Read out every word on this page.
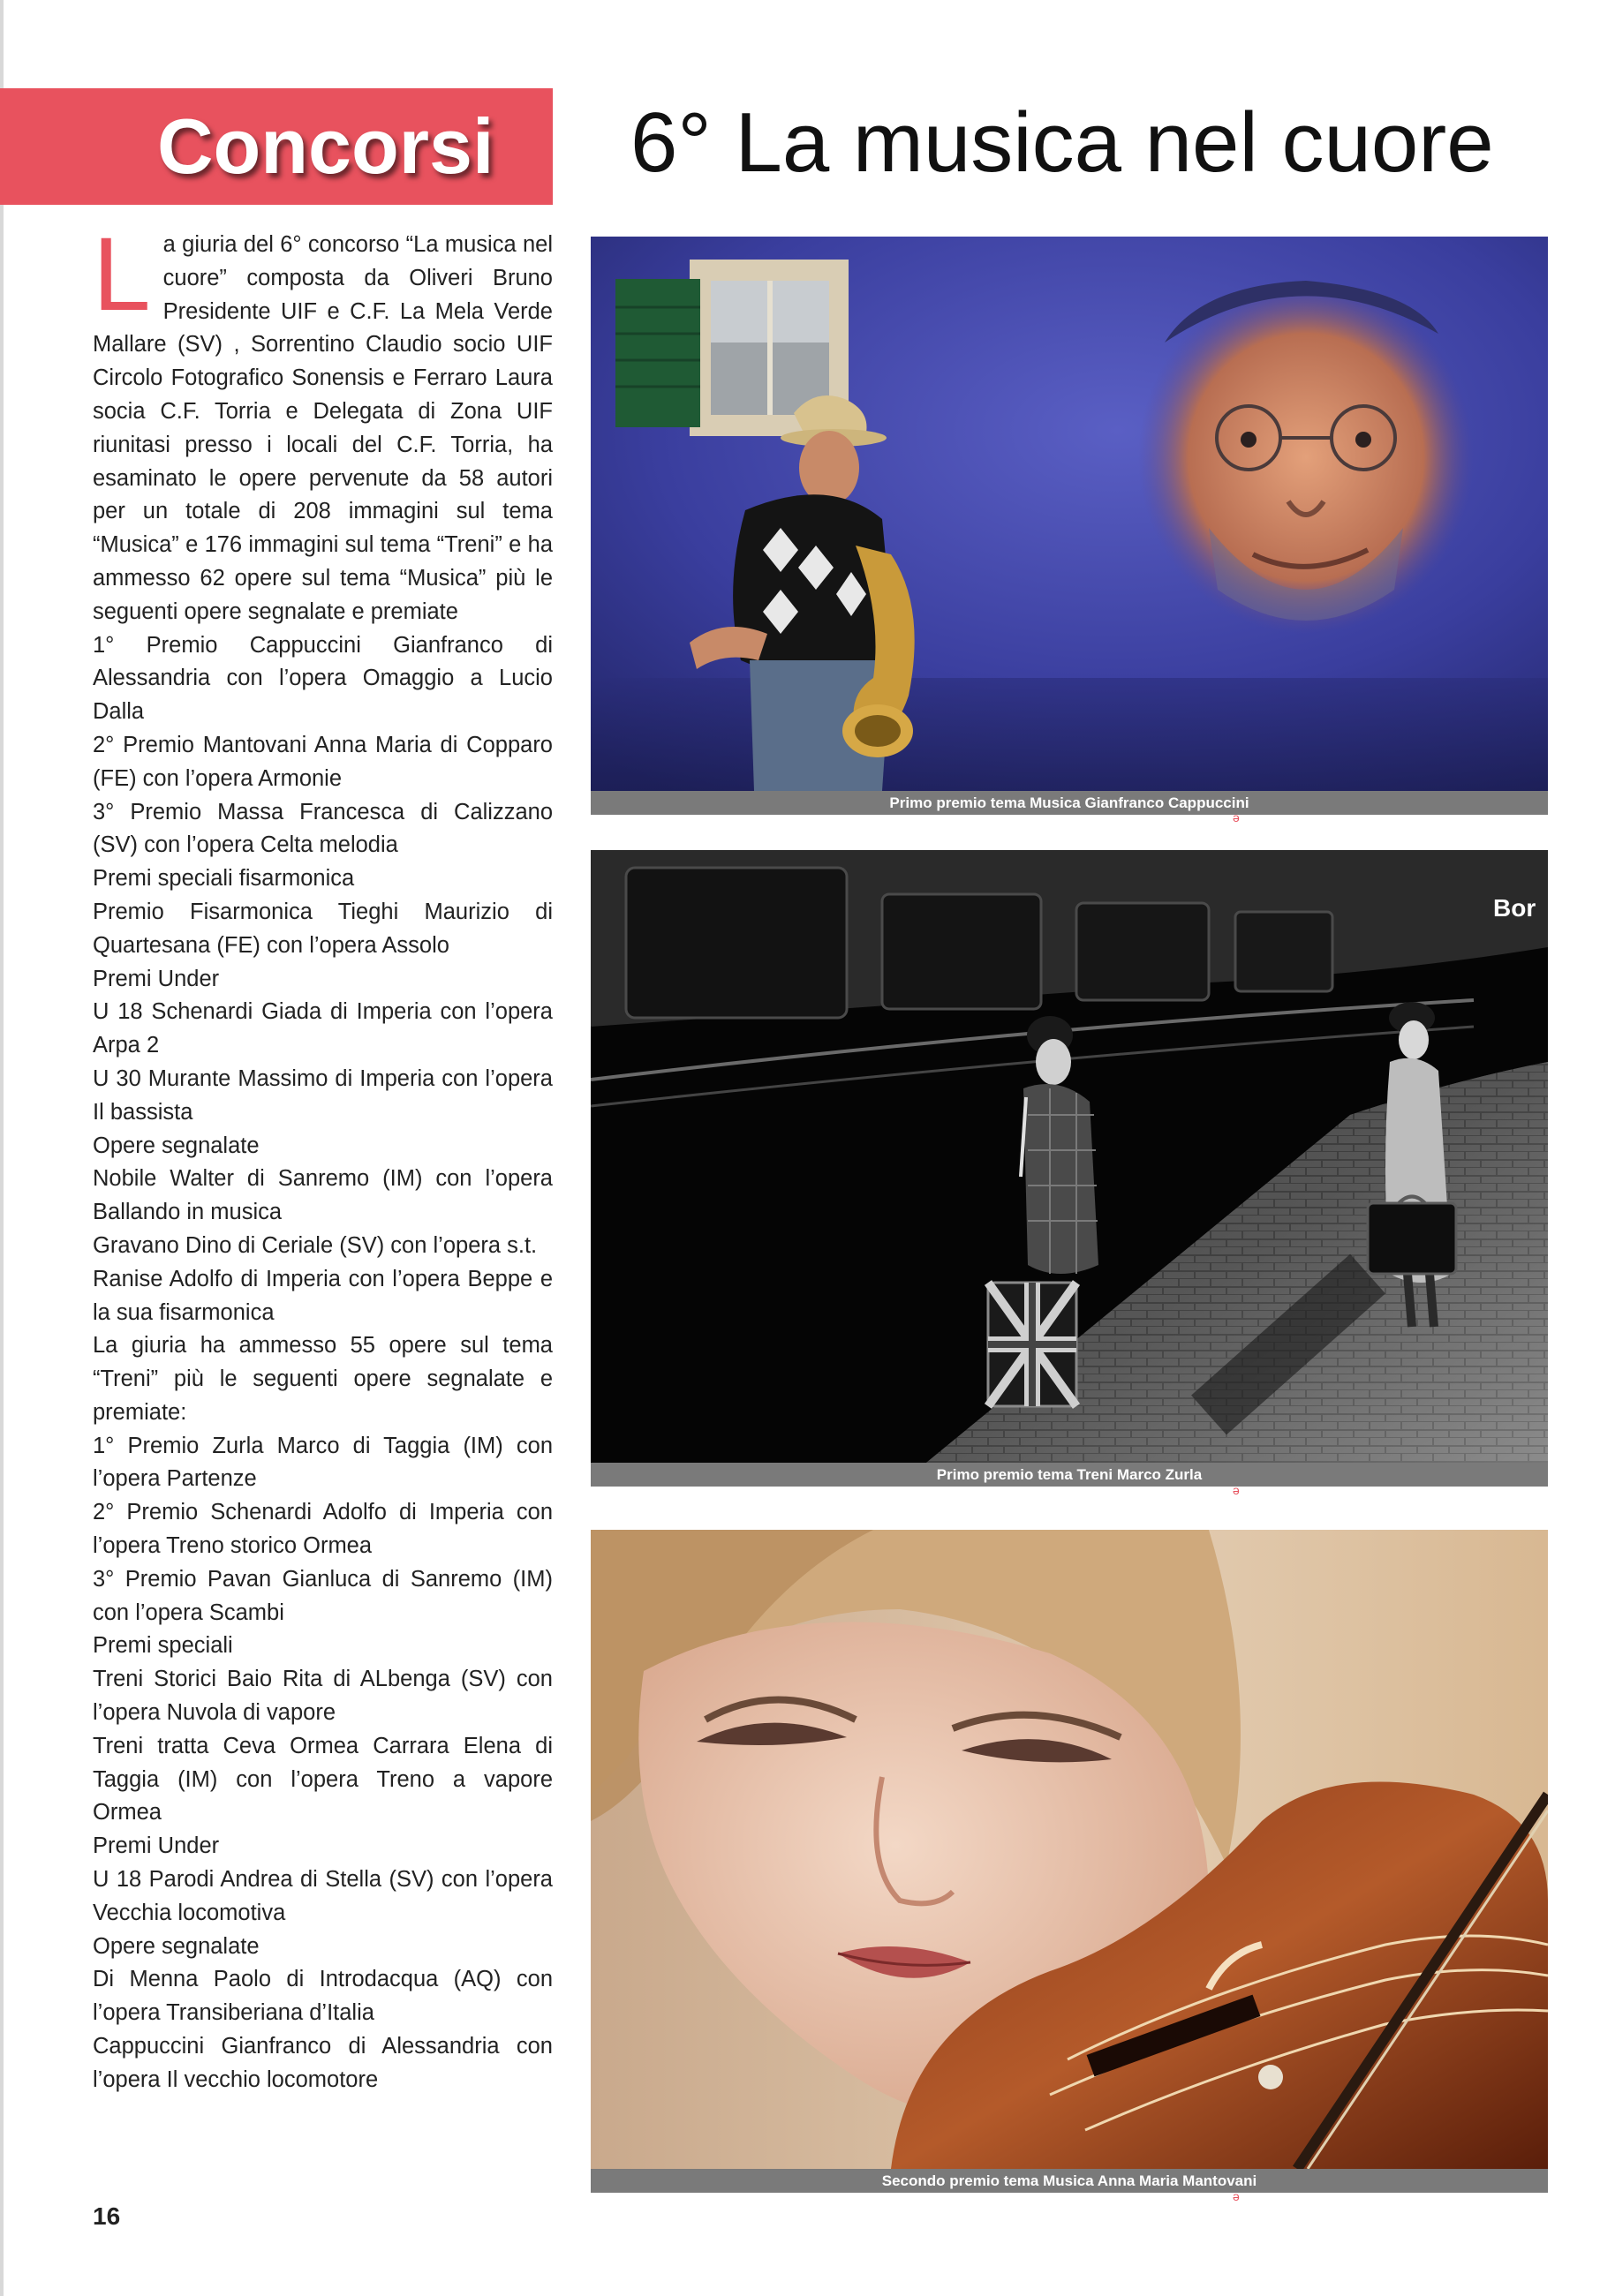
Concorsi 6° La musica nel cuore
L a giuria del 6° concorso “La musica nel cuore” composta da Oliveri Bruno Presidente UIF e C.F. La Mela Verde Mallare (SV) , Sorrentino Claudio socio UIF Circolo Fotografico Sonensis e Ferraro Laura socia C.F. Torria e Delegata di Zona UIF riunitasi presso i locali del C.F. Torria, ha esaminato le opere pervenute da 58 autori per un totale di 208 immagini sul tema “Musica” e 176 immagini sul tema “Treni” e ha ammesso 62 opere sul tema “Musica” più le seguenti opere segnalate e premiate

1° Premio Cappuccini Gianfranco di Alessandria con l’opera Omaggio a Lucio Dalla

2° Premio Mantovani Anna Maria di Copparo (FE) con l’opera Armonie

3° Premio Massa Francesca di Calizzano (SV) con l’opera Celta melodia

Premi speciali fisarmonica

Premio Fisarmonica Tieghi Maurizio di Quartesana (FE) con l’opera Assolo

Premi Under

U 18 Schenardi Giada di Imperia con l’opera Arpa 2

U 30 Murante Massimo di Imperia con l’opera Il bassista

Opere segnalate

Nobile Walter di Sanremo (IM) con l’opera Ballando in musica

Gravano Dino di Ceriale (SV) con l’opera s.t.

Ranise Adolfo di Imperia con l’opera Beppe e la sua fisarmonica

La giuria ha ammesso 55 opere sul tema “Treni” più le seguenti opere segnalate e premiate:

1° Premio Zurla Marco di Taggia (IM) con l’opera Partenze

2° Premio Schenardi Adolfo di Imperia con l’opera Treno storico Ormea

3° Premio Pavan Gianluca di Sanremo (IM) con l’opera Scambi

Premi speciali

Treni Storici Baio Rita di ALbenga (SV) con l’opera Nuvola di vapore

Treni tratta Ceva Ormea Carrara Elena di Taggia (IM) con l’opera Treno a vapore Ormea

Premi Under

U 18 Parodi Andrea di Stella (SV) con l’opera Vecchia locomotiva

Opere segnalate

Di Menna Paolo di Introdacqua (AQ) con l’opera Transiberiana d’Italia

Cappuccini Gianfranco di Alessandria con l’opera Il vecchio locomotore

Primo premio tema Musica Gianfranco Cappuccini
ə
Bor
Primo premio tema Treni Marco Zurla
ə
Secondo premio tema Musica Anna Maria Mantovani
ə
16
